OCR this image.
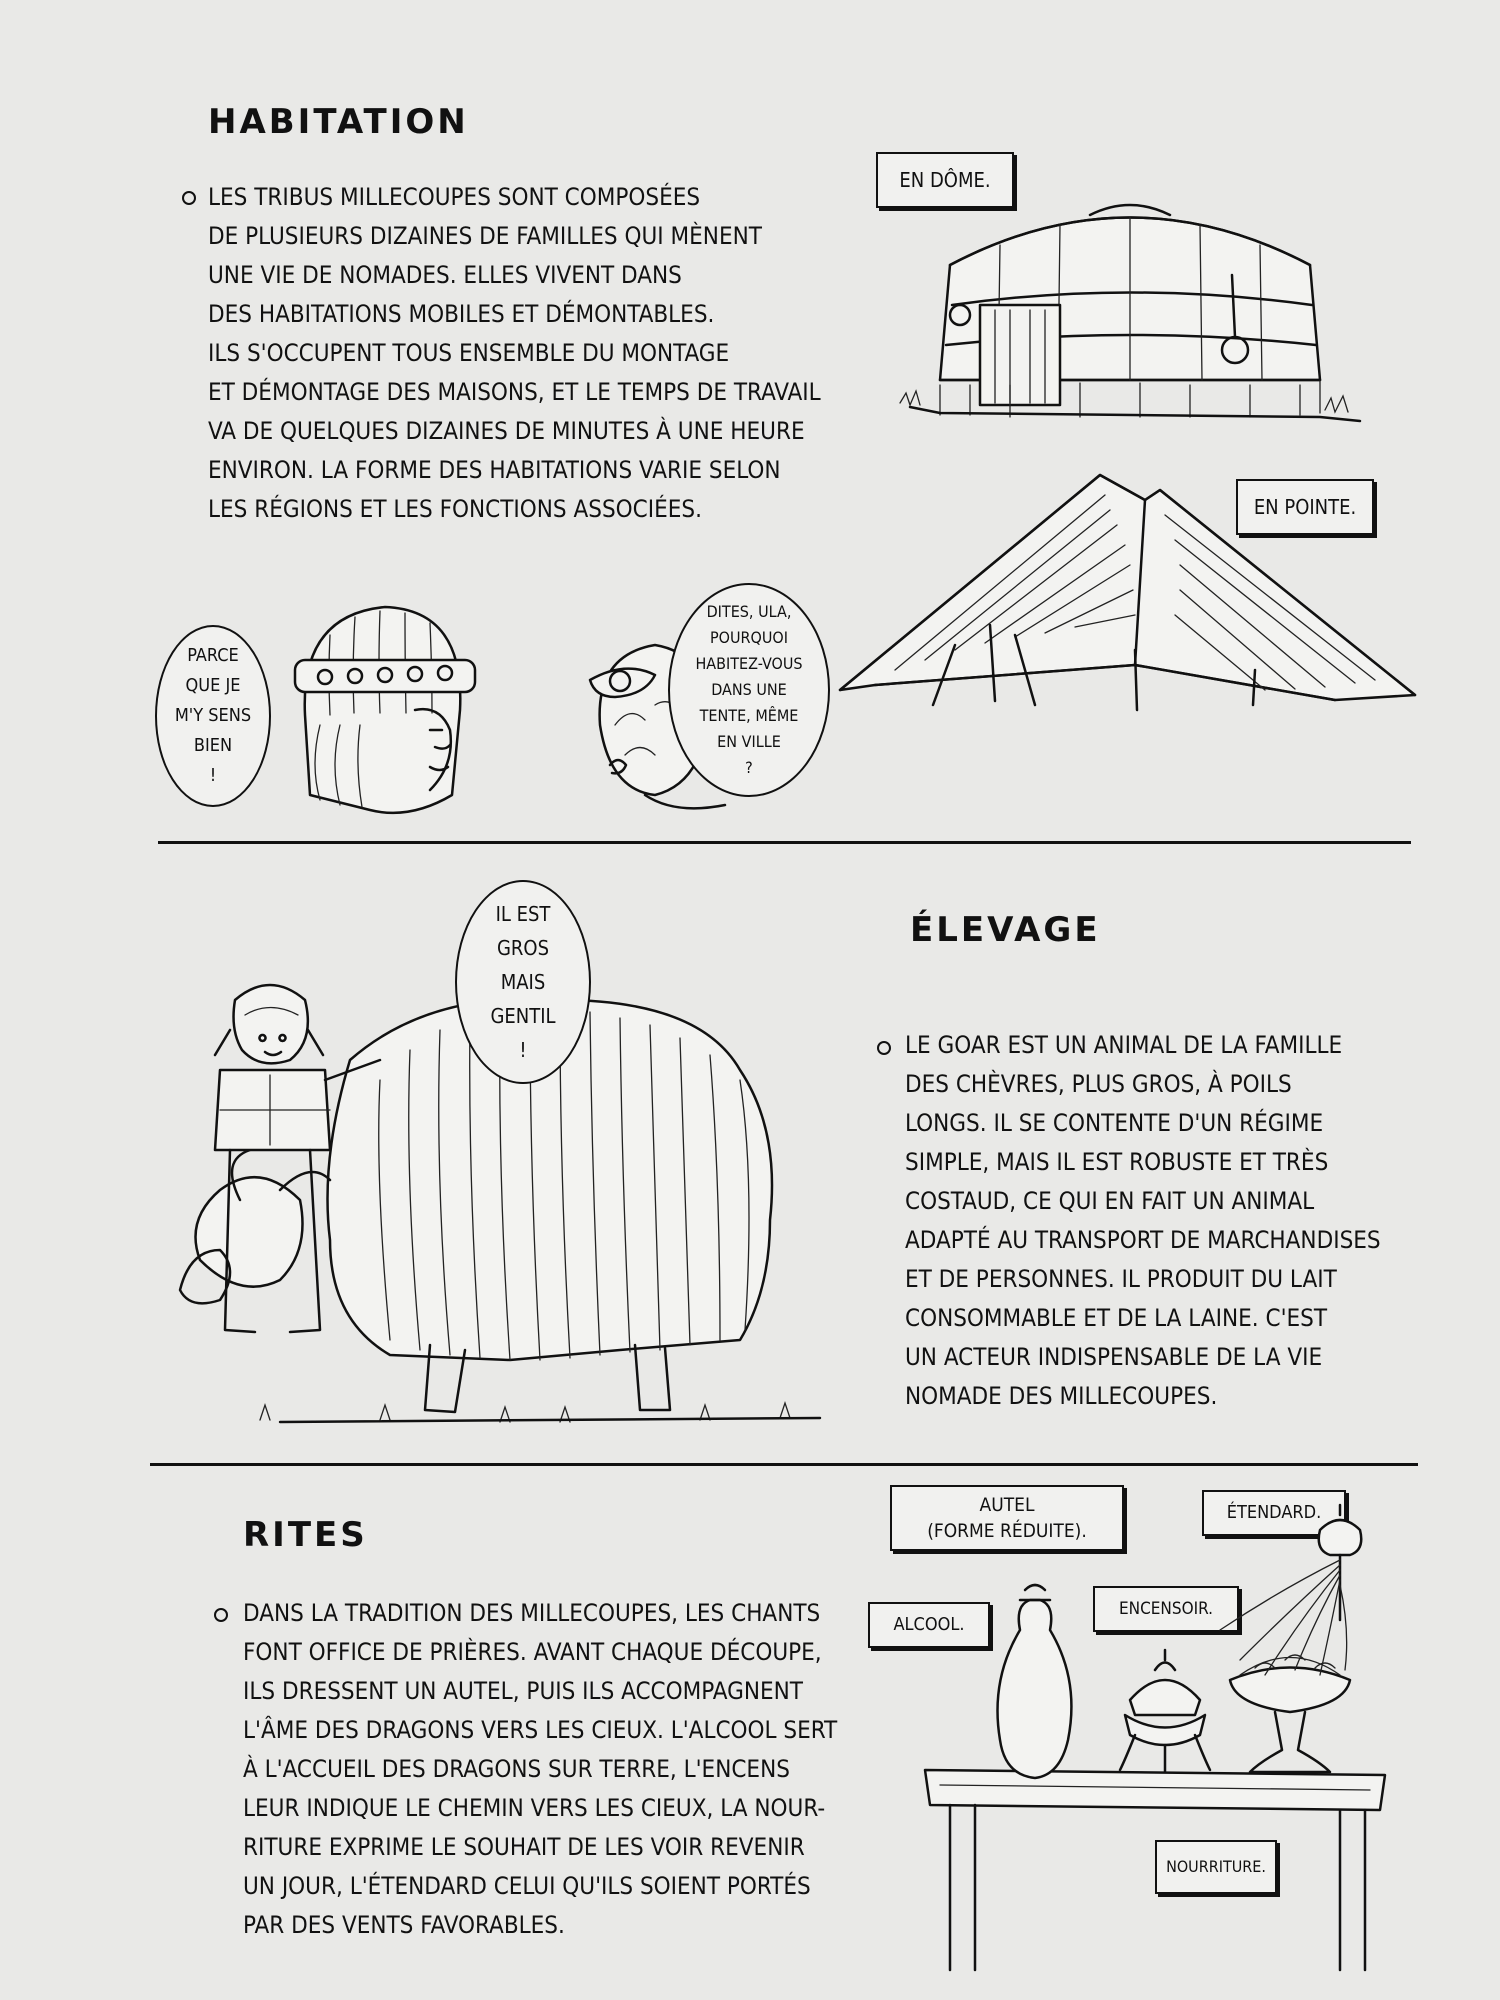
HABITATION

LES TRIBUS MILLECOUPES SONT COMPOSÉES
DE PLUSIEURS DIZAINES DE FAMILLES QUI MÈNENT
UNE VIE DE NOMADES. ELLES VIVENT DANS
DES HABITATIONS MOBILES ET DÉMONTABLES.
ILS S'OCCUPENT TOUS ENSEMBLE DU MONTAGE
ET DÉMONTAGE DES MAISONS, ET LE TEMPS DE TRAVAIL
VA DE QUELQUES DIZAINES DE MINUTES À UNE HEURE
ENVIRON. LA FORME DES HABITATIONS VARIE SELON
LES RÉGIONS ET LES FONCTIONS ASSOCIÉES.

EN DÔME.
EN POINTE.
PARCE
QUE JE
M'Y SENS
BIEN
!
DITES, ULA,
POURQUOI
HABITEZ-VOUS
DANS UNE
TENTE, MÊME
EN VILLE
?
ÉLEVAGE

LE GOAR EST UN ANIMAL DE LA FAMILLE
DES CHÈVRES, PLUS GROS, À POILS
LONGS. IL SE CONTENTE D'UN RÉGIME
SIMPLE, MAIS IL EST ROBUSTE ET TRÈS
COSTAUD, CE QUI EN FAIT UN ANIMAL
ADAPTÉ AU TRANSPORT DE MARCHANDISES
ET DE PERSONNES. IL PRODUIT DU LAIT
CONSOMMABLE ET DE LA LAINE. C'EST
UN ACTEUR INDISPENSABLE DE LA VIE
NOMADE DES MILLECOUPES.

IL EST
GROS
MAIS
GENTIL
!
RITES

DANS LA TRADITION DES MILLECOUPES, LES CHANTS
FONT OFFICE DE PRIÈRES. AVANT CHAQUE DÉCOUPE,
ILS DRESSENT UN AUTEL, PUIS ILS ACCOMPAGNENT
L'ÂME DES DRAGONS VERS LES CIEUX. L'ALCOOL SERT
À L'ACCUEIL DES DRAGONS SUR TERRE, L'ENCENS
LEUR INDIQUE LE CHEMIN VERS LES CIEUX, LA NOUR-
RITURE EXPRIME LE SOUHAIT DE LES VOIR REVENIR
UN JOUR, L'ÉTENDARD CELUI QU'ILS SOIENT PORTÉS
PAR DES VENTS FAVORABLES.

AUTEL
(FORME RÉDUITE).
ÉTENDARD.
ALCOOL.
ENCENSOIR.
NOURRITURE.
